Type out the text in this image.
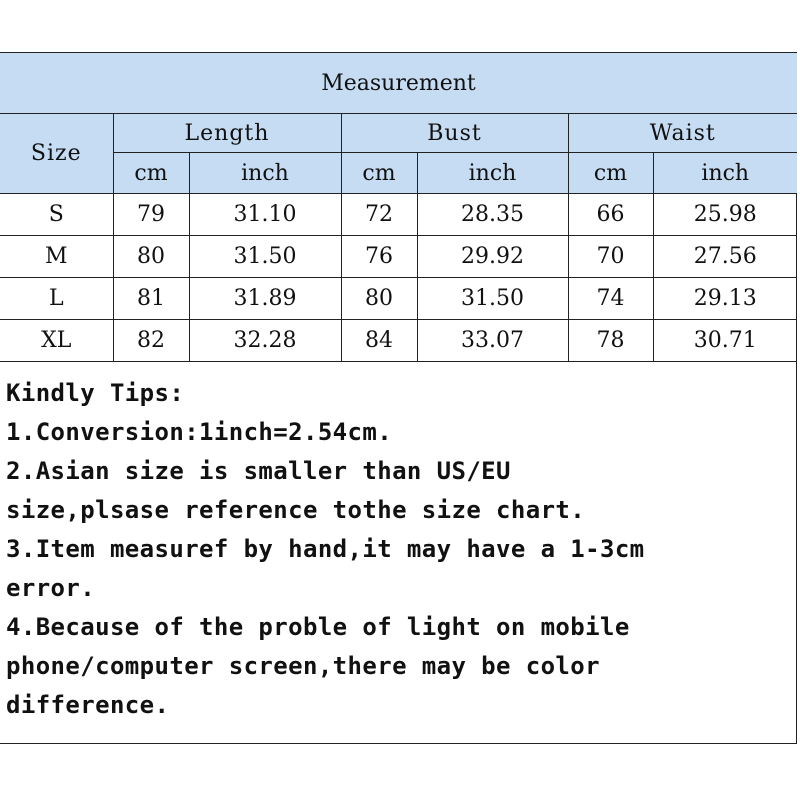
Measurement						
Size	Length		Bust		Waist	
	cm	inch	cm	inch	cm	inch
S	79	31.10	72	28.35	66	25.98
M	80	31.50	76	29.92	70	27.56
L	81	31.89	80	31.50	74	29.13
XL	82	32.28	84	33.07	78	30.71
Kindly Tips:
1.Conversion:1inch=2.54cm.
2.Asian size is smaller than US/EU
size,plsase reference tothe size chart.
3.Item measuref by hand,it may have a 1-3cm
error.
4.Because of the proble of light on mobile
phone/computer screen,there may be color
difference.
